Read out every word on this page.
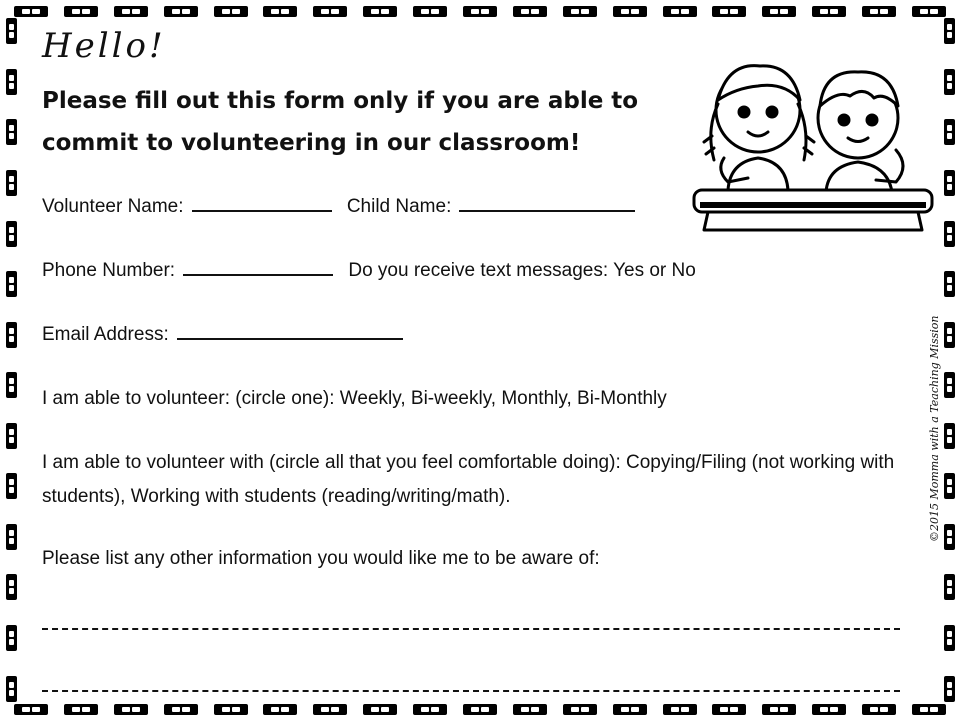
Hello!
Please fill out this form only if you are able to commit to volunteering in our classroom!
Volunteer Name:	Child Name:
Phone Number:	Do you receive text messages: Yes or No
Email Address:
I am able to volunteer: (circle one): Weekly, Bi-weekly, Monthly, Bi-Monthly
I am able to volunteer with (circle all that you feel comfortable doing): Copying/Filing (not working with students), Working with students (reading/writing/math).
Please list any other information you would like me to be aware of:
©2015 Momma with a Teaching Mission
